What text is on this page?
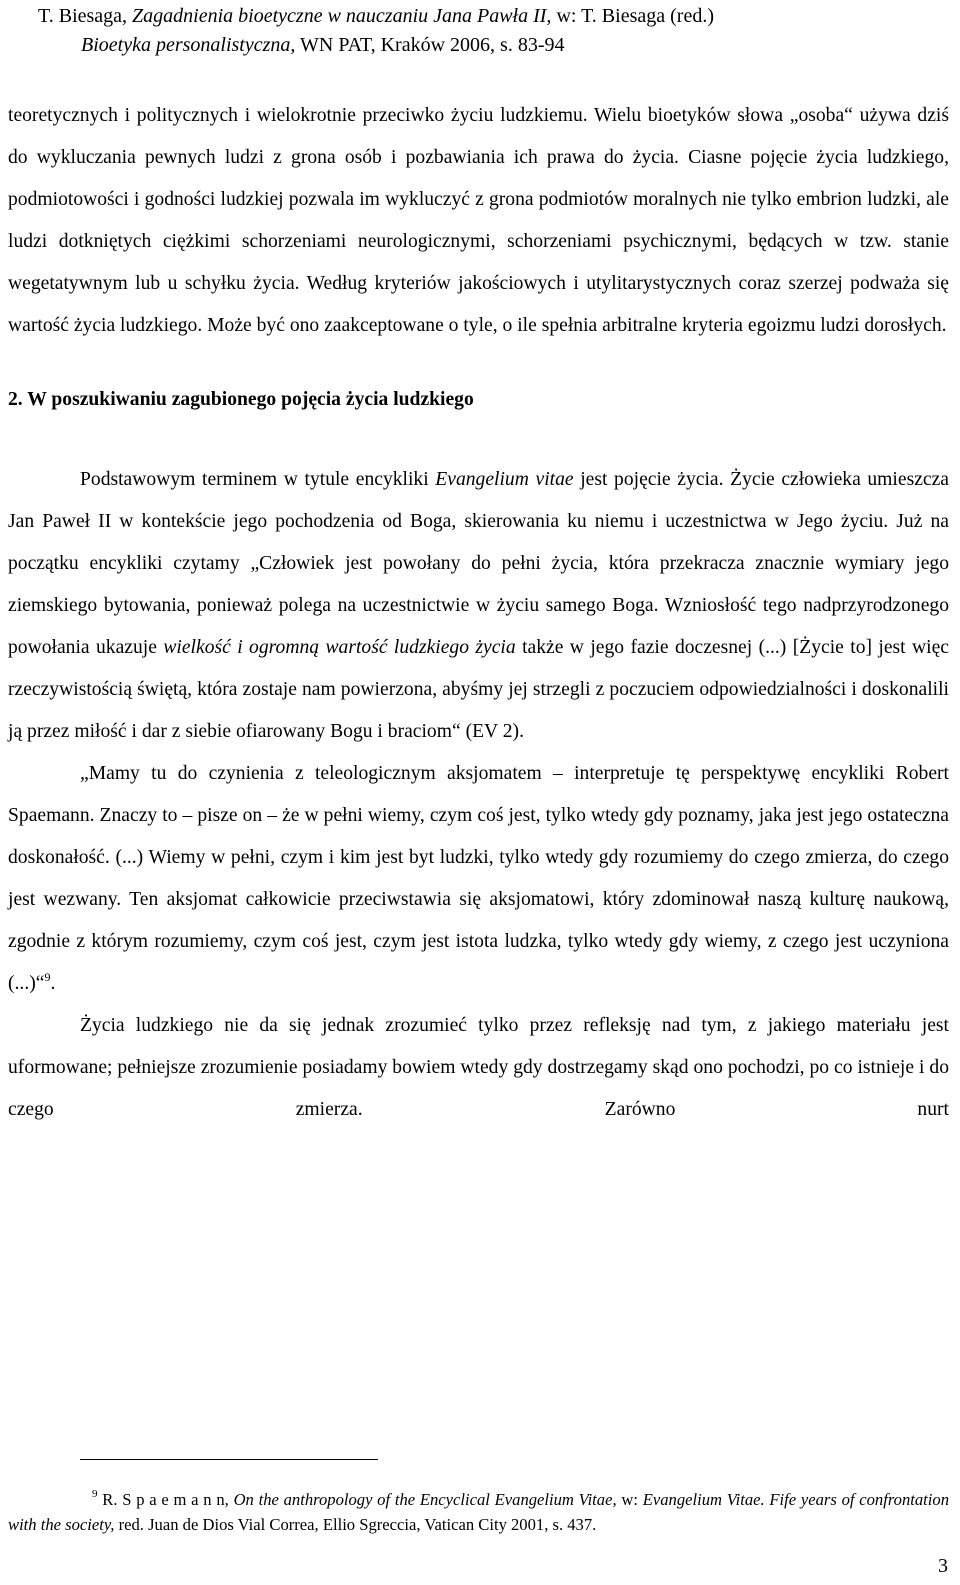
T. Biesaga, Zagadnienia bioetyczne w nauczaniu Jana Pawła II, w: T. Biesaga (red.)
Bioetyka personalistyczna, WN PAT, Kraków 2006, s. 83-94

teoretycznych i politycznych i wielokrotnie przeciwko życiu ludzkiemu. Wielu bioetyków słowa „osoba“ używa dziś do wykluczania pewnych ludzi z grona osób i pozbawiania ich prawa do życia. Ciasne pojęcie życia ludzkiego, podmiotowości i godności ludzkiej pozwala im wykluczyć z grona podmiotów moralnych nie tylko embrion ludzki, ale ludzi dotkniętych ciężkimi schorzeniami neurologicznymi, schorzeniami psychicznymi, będących w tzw. stanie wegetatywnym lub u schyłku życia. Według kryteriów jakościowych i utylitarystycznych coraz szerzej podważa się wartość życia ludzkiego. Może być ono zaakceptowane o tyle, o ile spełnia arbitralne kryteria egoizmu ludzi dorosłych.

2. W poszukiwaniu zagubionego pojęcia życia ludzkiego

Podstawowym terminem w tytule encykliki Evangelium vitae jest pojęcie życia. Życie człowieka umieszcza Jan Paweł II w kontekście jego pochodzenia od Boga, skierowania ku niemu i uczestnictwa w Jego życiu. Już na początku encykliki czytamy „Człowiek jest powołany do pełni życia, która przekracza znacznie wymiary jego ziemskiego bytowania, ponieważ polega na uczestnictwie w życiu samego Boga. Wzniosłość tego nadprzyrodzonego powołania ukazuje wielkość i ogromną wartość ludzkiego życia także w jego fazie doczesnej (...) [Życie to] jest więc rzeczywistością świętą, która zostaje nam powierzona, abyśmy jej strzegli z poczuciem odpowiedzialności i doskonalili ją przez miłość i dar z siebie ofiarowany Bogu i braciom“ (EV 2).

„Mamy tu do czynienia z teleologicznym aksjomatem – interpretuje tę perspektywę encykliki Robert Spaemann. Znaczy to – pisze on – że w pełni wiemy, czym coś jest, tylko wtedy gdy poznamy, jaka jest jego ostateczna doskonałość. (...) Wiemy w pełni, czym i kim jest byt ludzki, tylko wtedy gdy rozumiemy do czego zmierza, do czego jest wezwany. Ten aksjomat całkowicie przeciwstawia się aksjomatowi, który zdominował naszą kulturę naukową, zgodnie z którym rozumiemy, czym coś jest, czym jest istota ludzka, tylko wtedy gdy wiemy, z czego jest uczyniona (...)“$^9$.

Życia ludzkiego nie da się jednak zrozumieć tylko przez refleksję nad tym, z jakiego materiału jest uformowane; pełniejsze zrozumienie posiadamy bowiem wtedy gdy dostrzegamy skąd ono pochodzi, po co istnieje i do czego zmierza. Zarówno nurt

$^9$ R. S p a e m a n n, On the anthropology of the Encyclical Evangelium Vitae, w: Evangelium Vitae. Fife years of confrontation with the society, red. Juan de Dios Vial Correa, Ellio Sgreccia, Vatican City 2001, s. 437.

3
